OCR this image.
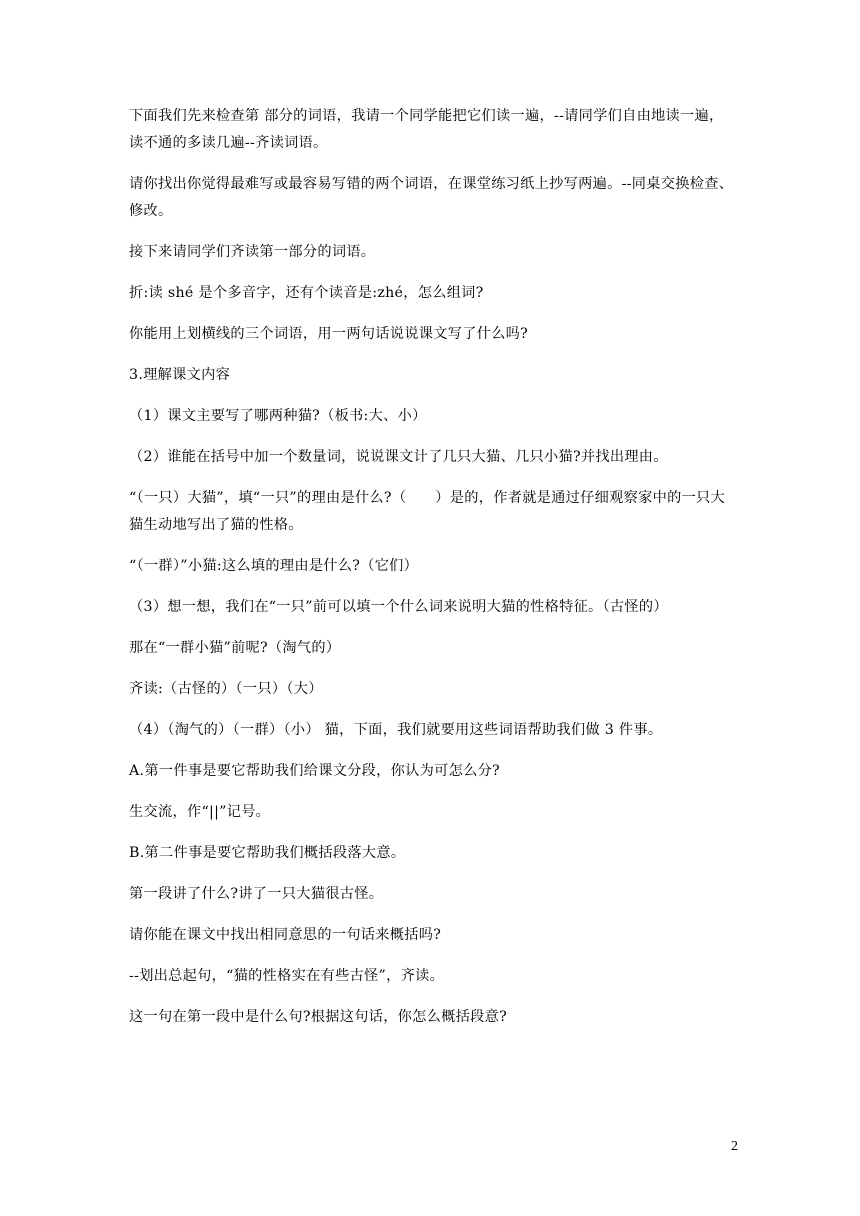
下面我们先来检查第 部分的词语，我请一个同学能把它们读一遍，--请同学们自由地读一遍，读不通的多读几遍--齐读词语。

请你找出你觉得最难写或最容易写错的两个词语，在课堂练习纸上抄写两遍。--同桌交换检查、修改。

接下来请同学们齐读第一部分的词语。

折:读 shé 是个多音字，还有个读音是:zhé，怎么组词?

你能用上划横线的三个词语，用一两句话说说课文写了什么吗?

3.理解课文内容

（1）课文主要写了哪两种猫?（板书:大、小）

（2）谁能在括号中加一个数量词，说说课文计了几只大猫、几只小猫?并找出理由。

“（一只）大猫”，填“一只”的理由是什么?（　　）是的，作者就是通过仔细观察家中的一只大猫生动地写出了猫的性格。

“（一群）”小猫:这么填的理由是什么?（它们）

（3）想一想，我们在“一只”前可以填一个什么词来说明大猫的性格特征。（古怪的）

那在“一群小猫”前呢?（淘气的）

齐读:（古怪的）（一只）（大）

（4）（淘气的）（一群）（小） 猫，下面，我们就要用这些词语帮助我们做 3 件事。

A.第一件事是要它帮助我们给课文分段，你认为可怎么分?

生交流，作“||”记号。

B.第二件事是要它帮助我们概括段落大意。

第一段讲了什么?讲了一只大猫很古怪。

请你能在课文中找出相同意思的一句话来概括吗?

--划出总起句，“猫的性格实在有些古怪”，齐读。

这一句在第一段中是什么句?根据这句话，你怎么概括段意?

2
